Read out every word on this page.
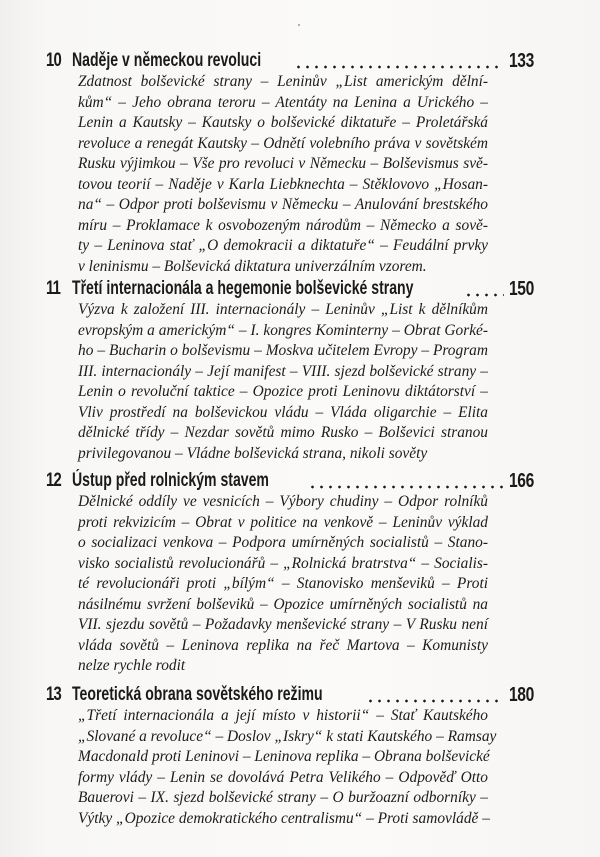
10 Naděje v německou revoluci	133

Zdatnost bolševické strany – Leninův „List americkým dělní-
kům“ – Jeho obrana teroru – Atentáty na Lenina a Urického –
Lenin a Kautsky – Kautsky o bolševické diktatuře – Proletářská
revoluce a renegát Kautsky – Odnětí volebního práva v sovětském
Rusku výjimkou – Vše pro revoluci v Německu – Bolševismus svě-
tovou teorií – Naděje v Karla Liebknechta – Stěklovovo „Hosan-
na“ – Odpor proti bolševismu v Německu – Anulování brestského
míru – Proklamace k osvobozeným národům – Německo a sově-
ty – Leninova stať „O demokracii a diktatuře“ – Feudální prvky
v leninismu – Bolševická diktatura univerzálním vzorem.

11 Třetí internacionála a hegemonie bolševické strany	150

Výzva k založení III. internacionály – Leninův „List k dělníkům
evropským a americkým“ – I. kongres Kominterny – Obrat Gorké-
ho – Bucharin o bolševismu – Moskva učitelem Evropy – Program
III. internacionály – Její manifest – VIII. sjezd bolševické strany –
Lenin o revoluční taktice – Opozice proti Leninovu diktátorství –
Vliv prostředí na bolševickou vládu – Vláda oligarchie – Elita
dělnické třídy – Nezdar sovětů mimo Rusko – Bolševici stranou
privilegovanou – Vládne bolševická strana, nikoli sověty

12 Ústup před rolnickým stavem	166

Dělnické oddíly ve vesnicích – Výbory chudiny – Odpor rolníků
proti rekvizicím – Obrat v politice na venkově – Leninův výklad
o socializaci venkova – Podpora umírněných socialistů – Stano-
visko socialistů revolucionářů – „Rolnická bratrstva“ – Socialis-
té revolucionáři proti „bílým“ – Stanovisko menševiků – Proti
násilnému svržení bolševiků – Opozice umírněných socialistů na
VII. sjezdu sovětů – Požadavky menševické strany – V Rusku není
vláda sovětů – Leninova replika na řeč Martova – Komunisty
nelze rychle rodit

13 Teoretická obrana sovětského režimu	180

„Třetí internacionála a její místo v historii“ – Stať Kautského
„Slované a revoluce“ – Doslov „Iskry“ k stati Kautského – Ramsay
Macdonald proti Leninovi – Leninova replika – Obrana bolševické
formy vlády – Lenin se dovolává Petra Velikého – Odpověď Otto
Bauerovi – IX. sjezd bolševické strany – O buržoazní odborníky –
Výtky „Opozice demokratického centralismu“ – Proti samovládě –
